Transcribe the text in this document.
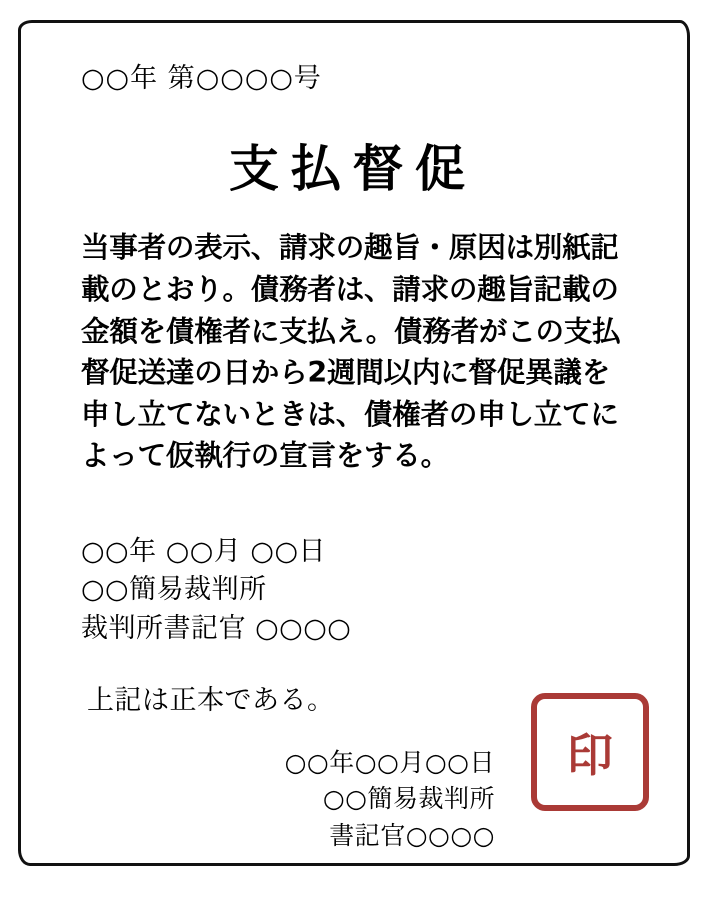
○○年 第○○○○号
支払督促
当事者の表示、請求の趣旨・原因は別紙記
載のとおり。債務者は、請求の趣旨記載の
金額を債権者に支払え。債務者がこの支払
督促送達の日から2週間以内に督促異議を
申し立てないときは、債権者の申し立てに
よって仮執行の宣言をする。
○○年 ○○月 ○○日
○○簡易裁判所
裁判所書記官 ○○○○
上記は正本である。
○○年○○月○○日
○○簡易裁判所
書記官○○○○
印
